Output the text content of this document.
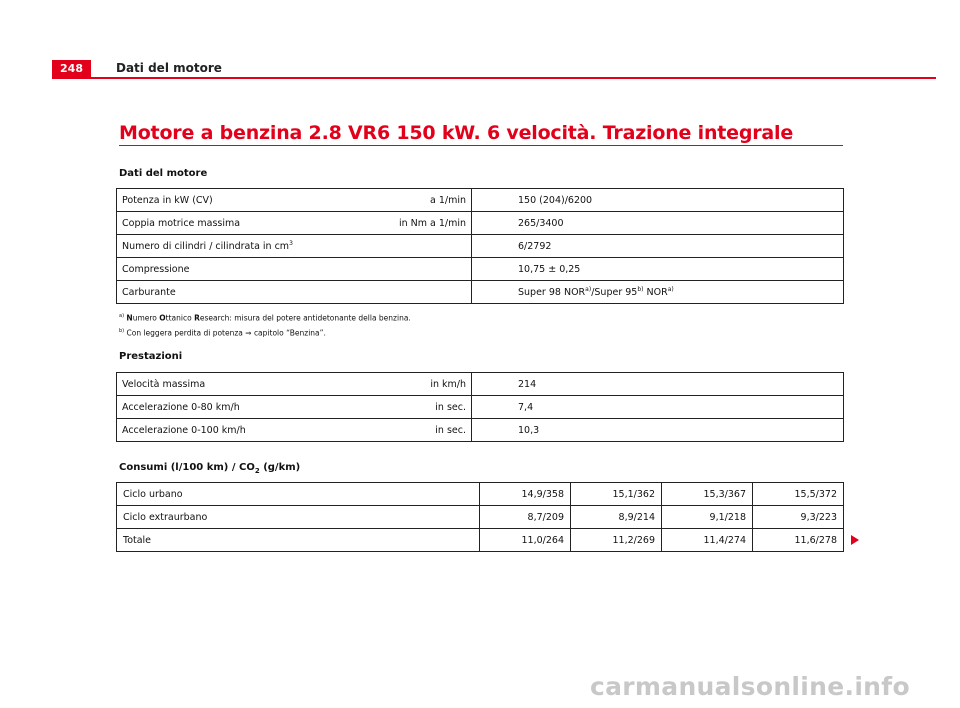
248	Dati del motore
Motore a benzina 2.8 VR6 150 kW. 6 velocità. Trazione integrale
Dati del motore
Potenza in kW (CV)	a 1/min	150 (204)/6200
Coppia motrice massima	in Nm a 1/min	265/3400
Numero di cilindri / cilindrata in $cm^3$		6/2792
Compressione		10,75 ± 0,25
Carburante		Super 98 NOR$^{a)}$/Super 95$^{b)}$ NOR$^{a)}$
$^{a)}$ Numero Ottanico Research: misura del potere antidetonante della benzina.
$^{b)}$ Con leggera perdita di potenza ⇒ capitolo “Benzina”.
Prestazioni
Velocità massima	in km/h	214
Accelerazione 0-80 km/h	in sec.	7,4
Accelerazione 0-100 km/h	in sec.	10,3
Consumi (l/100 $km) / CO_2$ (g/km)
Ciclo urbano	14,9/358	15,1/362	15,3/367	15,5/372
Ciclo extraurbano	8,7/209	8,9/214	9,1/218	9,3/223
Totale	11,0/264	11,2/269	11,4/274	11,6/278
carmanualsonline.info
